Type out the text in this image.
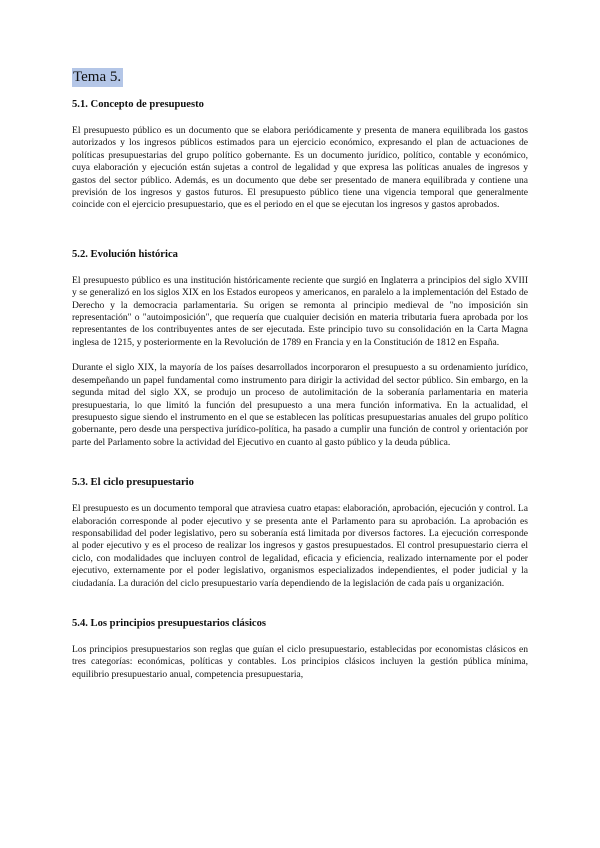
Tema 5.
5.1. Concepto de presupuesto

El presupuesto público es un documento que se elabora periódicamente y presenta de manera equilibrada los gastos autorizados y los ingresos públicos estimados para un ejercicio económico, expresando el plan de actuaciones de políticas presupuestarias del grupo político gobernante. Es un documento jurídico, político, contable y económico, cuya elaboración y ejecución están sujetas a control de legalidad y que expresa las políticas anuales de ingresos y gastos del sector público. Además, es un documento que debe ser presentado de manera equilibrada y contiene una previsión de los ingresos y gastos futuros. El presupuesto público tiene una vigencia temporal que generalmente coincide con el ejercicio presupuestario, que es el periodo en el que se ejecutan los ingresos y gastos aprobados.

5.2. Evolución histórica

El presupuesto público es una institución históricamente reciente que surgió en Inglaterra a principios del siglo XVIII y se generalizó en los siglos XIX en los Estados europeos y americanos, en paralelo a la implementación del Estado de Derecho y la democracia parlamentaria. Su origen se remonta al principio medieval de "no imposición sin representación" o "autoimposición", que requería que cualquier decisión en materia tributaria fuera aprobada por los representantes de los contribuyentes antes de ser ejecutada. Este principio tuvo su consolidación en la Carta Magna inglesa de 1215, y posteriormente en la Revolución de 1789 en Francia y en la Constitución de 1812 en España.

Durante el siglo XIX, la mayoría de los países desarrollados incorporaron el presupuesto a su ordenamiento jurídico, desempeñando un papel fundamental como instrumento para dirigir la actividad del sector público. Sin embargo, en la segunda mitad del siglo XX, se produjo un proceso de autolimitación de la soberanía parlamentaria en materia presupuestaria, lo que limitó la función del presupuesto a una mera función informativa. En la actualidad, el presupuesto sigue siendo el instrumento en el que se establecen las políticas presupuestarias anuales del grupo político gobernante, pero desde una perspectiva jurídico-política, ha pasado a cumplir una función de control y orientación por parte del Parlamento sobre la actividad del Ejecutivo en cuanto al gasto público y la deuda pública.

5.3. El ciclo presupuestario

El presupuesto es un documento temporal que atraviesa cuatro etapas: elaboración, aprobación, ejecución y control. La elaboración corresponde al poder ejecutivo y se presenta ante el Parlamento para su aprobación. La aprobación es responsabilidad del poder legislativo, pero su soberanía está limitada por diversos factores. La ejecución corresponde al poder ejecutivo y es el proceso de realizar los ingresos y gastos presupuestados. El control presupuestario cierra el ciclo, con modalidades que incluyen control de legalidad, eficacia y eficiencia, realizado internamente por el poder ejecutivo, externamente por el poder legislativo, organismos especializados independientes, el poder judicial y la ciudadanía. La duración del ciclo presupuestario varía dependiendo de la legislación de cada país u organización.

5.4. Los principios presupuestarios clásicos

Los principios presupuestarios son reglas que guían el ciclo presupuestario, establecidas por economistas clásicos en tres categorías: económicas, políticas y contables. Los principios clásicos incluyen la gestión pública mínima, equilibrio presupuestario anual, competencia presupuestaria,
